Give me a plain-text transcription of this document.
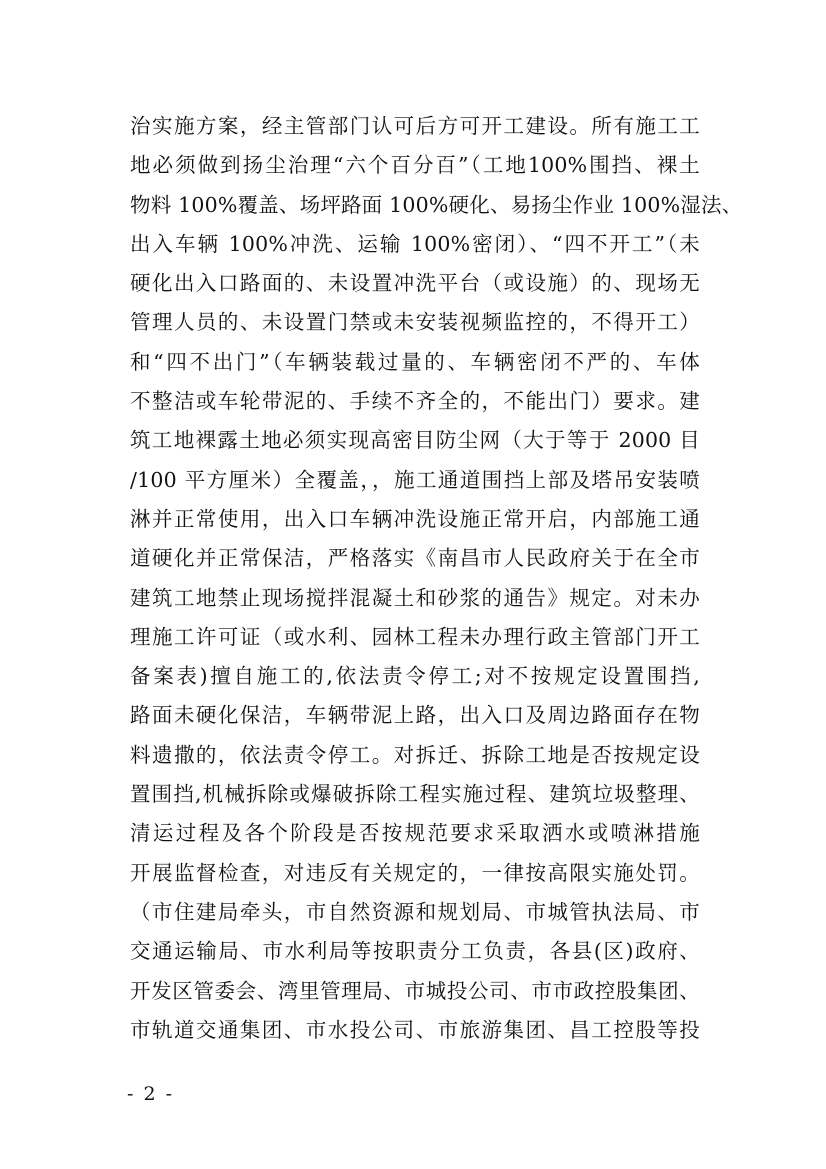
治实施方案，经主管部门认可后方可开工建设。所有施工工
地必须做到扬尘治理“六个百分百”（工地100%围挡、裸土
物料 100%覆盖、场坪路面 100%硬化、易扬尘作业 100%湿法、
出入车辆 100%冲洗、运输 100%密闭）、“四不开工”（未
硬化出入口路面的、未设置冲洗平台（或设施）的、现场无
管理人员的、未设置门禁或未安装视频监控的，不得开工）
和“四不出门”（车辆装载过量的、车辆密闭不严的、车体
不整洁或车轮带泥的、手续不齐全的，不能出门）要求。建
筑工地裸露土地必须实现高密目防尘网（大于等于 2000 目
/100 平方厘米）全覆盖，，施工通道围挡上部及塔吊安装喷
淋并正常使用，出入口车辆冲洗设施正常开启，内部施工通
道硬化并正常保洁，严格落实《南昌市人民政府关于在全市
建筑工地禁止现场搅拌混凝土和砂浆的通告》规定。对未办
理施工许可证（或水利、园林工程未办理行政主管部门开工
备案表)擅自施工的,依法责令停工;对不按规定设置围挡,
路面未硬化保洁，车辆带泥上路，出入口及周边路面存在物
料遗撒的，依法责令停工。对拆迁、拆除工地是否按规定设
置围挡,机械拆除或爆破拆除工程实施过程、建筑垃圾整理、
清运过程及各个阶段是否按规范要求采取洒水或喷淋措施
开展监督检查，对违反有关规定的，一律按高限实施处罚。
（市住建局牵头，市自然资源和规划局、市城管执法局、市
交通运输局、市水利局等按职责分工负责，各县(区)政府、
开发区管委会、湾里管理局、市城投公司、市市政控股集团、
市轨道交通集团、市水投公司、市旅游集团、昌工控股等投
- 2 -
